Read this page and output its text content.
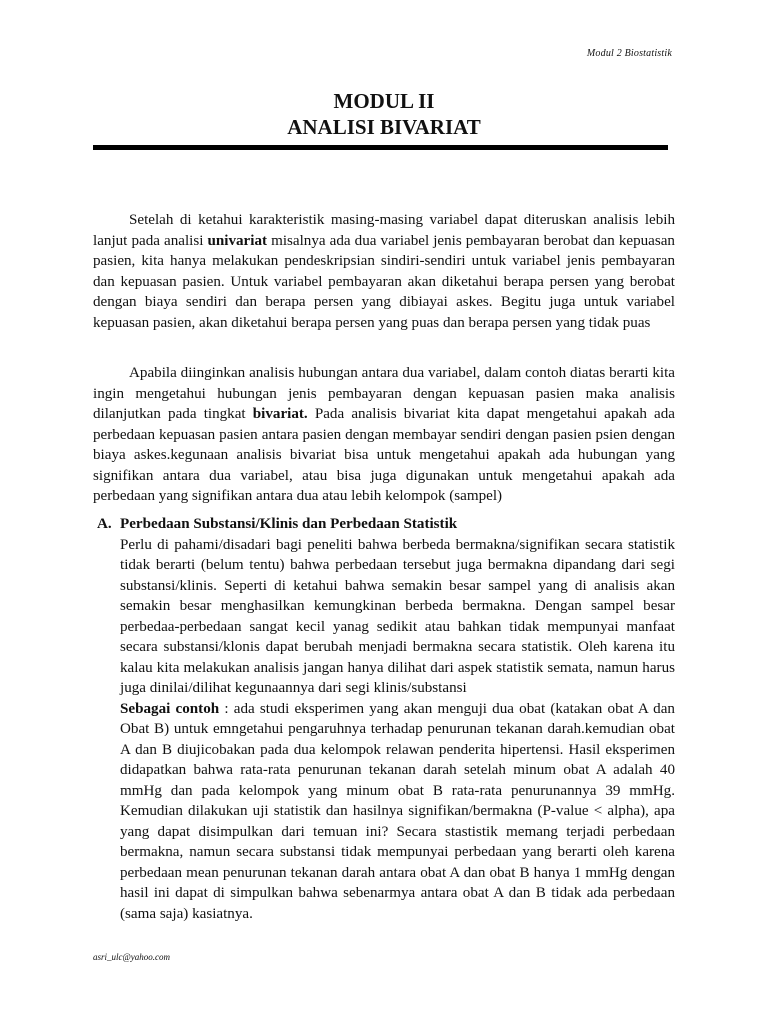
Modul 2 Biostatistik
MODUL II
ANALISI BIVARIAT

Setelah di ketahui karakteristik masing-masing variabel dapat diteruskan analisis lebih lanjut pada analisi univariat misalnya ada dua variabel jenis pembayaran berobat dan kepuasan pasien, kita hanya melakukan pendeskripsian sindiri-sendiri untuk variabel jenis pembayaran dan kepuasan pasien. Untuk variabel pembayaran akan diketahui berapa persen yang berobat dengan biaya sendiri dan berapa persen yang dibiayai askes. Begitu juga untuk variabel kepuasan pasien, akan diketahui berapa persen yang puas dan berapa persen yang tidak puas

Apabila diinginkan analisis hubungan antara dua variabel, dalam contoh diatas berarti kita ingin mengetahui hubungan jenis pembayaran dengan kepuasan pasien maka analisis dilanjutkan pada tingkat bivariat. Pada analisis bivariat kita dapat mengetahui apakah ada perbedaan kepuasan pasien antara pasien dengan membayar sendiri dengan pasien psien dengan biaya askes.kegunaan analisis bivariat bisa untuk mengetahui apakah ada hubungan yang signifikan antara dua variabel, atau bisa juga digunakan untuk mengetahui apakah ada perbedaan yang signifikan antara dua atau lebih kelompok (sampel)

A. Perbedaan Substansi/Klinis dan Perbedaan Statistik

Perlu di pahami/disadari bagi peneliti bahwa berbeda bermakna/signifikan secara statistik tidak berarti (belum tentu) bahwa perbedaan tersebut juga bermakna dipandang dari segi substansi/klinis. Seperti di ketahui bahwa semakin besar sampel yang di analisis akan semakin besar menghasilkan kemungkinan berbeda bermakna. Dengan sampel besar perbedaa-perbedaan sangat kecil yanag sedikit atau bahkan tidak mempunyai manfaat secara substansi/klonis dapat berubah menjadi bermakna secara statistik. Oleh karena itu kalau kita melakukan analisis jangan hanya dilihat dari aspek statistik semata, namun harus juga dinilai/dilihat kegunaannya dari segi klinis/substansi

Sebagai contoh : ada studi eksperimen yang akan menguji dua obat (katakan obat A dan Obat B) untuk emngetahui pengaruhnya terhadap penurunan tekanan darah.kemudian obat A dan B diujicobakan pada dua kelompok relawan penderita hipertensi. Hasil eksperimen didapatkan bahwa rata-rata penurunan tekanan darah setelah minum obat A adalah 40 mmHg dan pada kelompok yang minum obat B rata-rata penurunannya 39 mmHg. Kemudian dilakukan uji statistik dan hasilnya signifikan/bermakna (P-value < alpha), apa yang dapat disimpulkan dari temuan ini? Secara stastistik memang terjadi perbedaan bermakna, namun secara substansi tidak mempunyai perbedaan yang berarti oleh karena perbedaan mean penurunan tekanan darah antara obat A dan obat B hanya 1 mmHg dengan hasil ini dapat di simpulkan bahwa sebenarmya antara obat A dan B tidak ada perbedaan (sama saja) kasiatnya.

asri_ulc@yahoo.com
